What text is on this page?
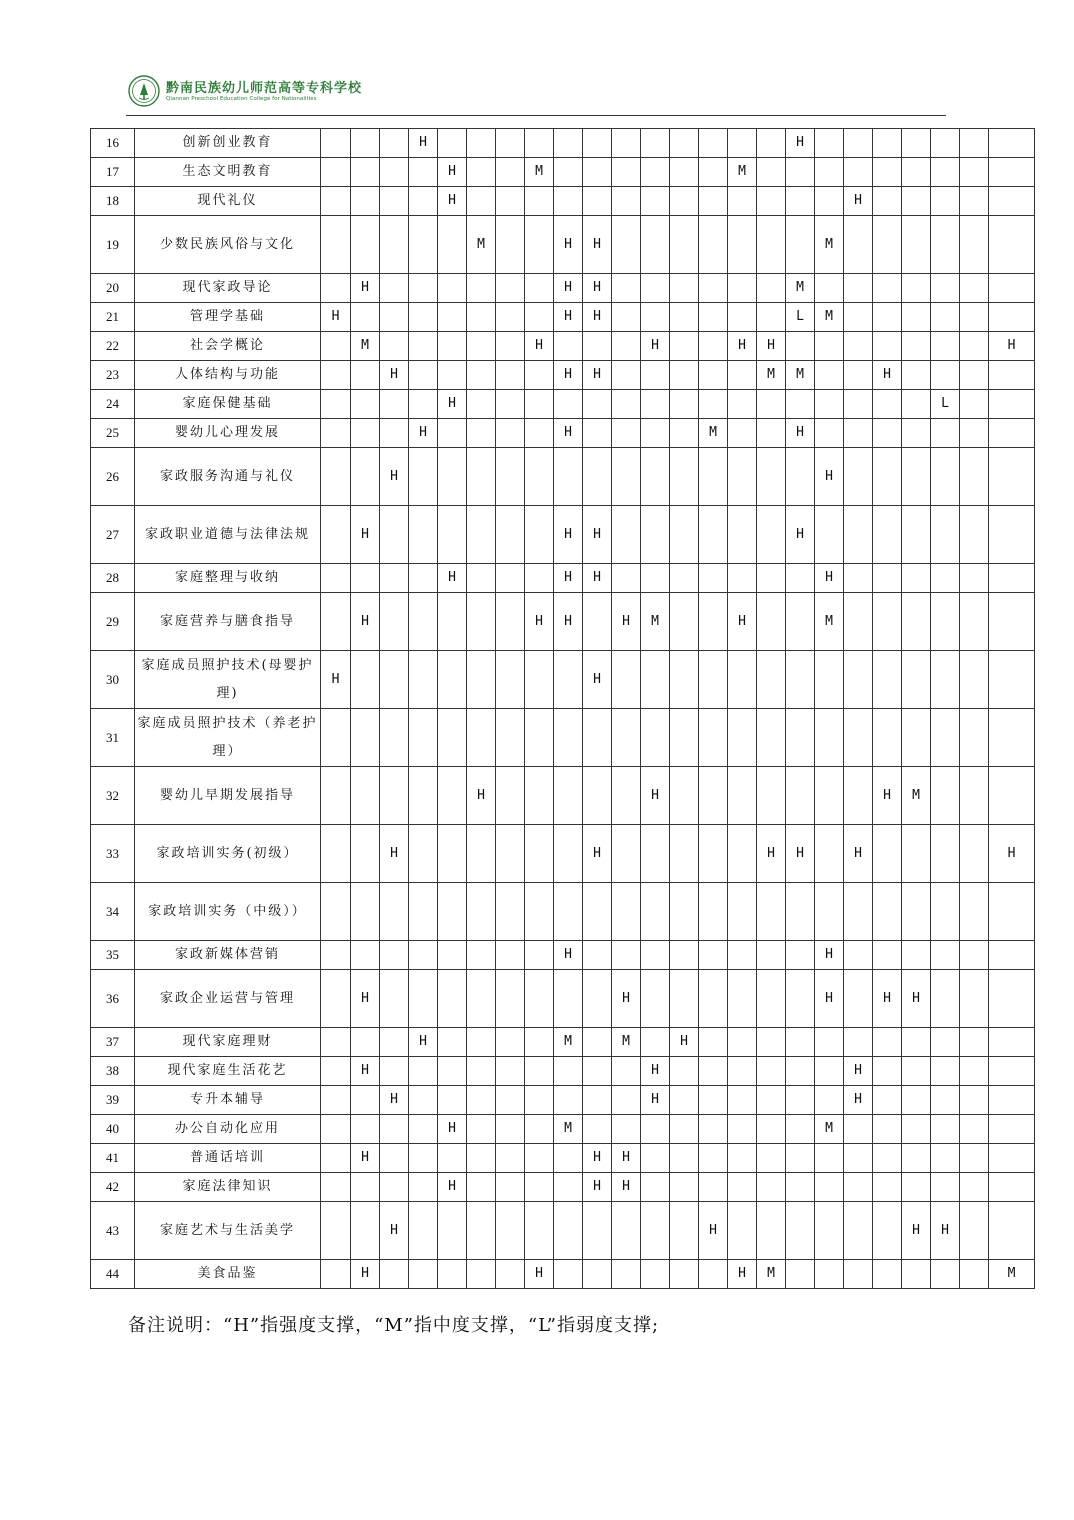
黔南民族幼儿师范高等专科学校
Qiannan Preschool Education College for Nationalities
16	创新创业教育				H													H							
17	生态文明教育					H			M							M									
18	现代礼仪					H														H					
19	少数民族风俗与文化						M			H	H								M						
20	现代家政导论		H							H	H							M							
21	管理学基础	H								H	H							L	M						
22	社会学概论		M						H				H			H	H								H
23	人体结构与功能			H						H	H						M	M			H				
24	家庭保健基础					H																	L		
25	婴幼儿心理发展				H					H					M			H							
26	家政服务沟通与礼仪			H															H						
27	家政职业道德与法律法规		H							H	H							H							
28	家庭整理与收纳					H				H	H								H						
29	家庭营养与膳食指导		H						H	H		H	M			H			M						
30	家庭成员照护技术(母婴护理)	H									H														
31	家庭成员照护技术（养老护理）																								
32	婴幼儿早期发展指导						H						H								H	M			
33	家政培训实务(初级）			H							H						H	H		H					H
34	家政培训实务（中级））																								
35	家政新媒体营销									H									H						
36	家政企业运营与管理		H									H							H		H	H			
37	现代家庭理财				H					M		M		H											
38	现代家庭生活花艺		H										H							H					
39	专升本辅导			H									H							H					
40	办公自动化应用					H				M									M						
41	普通话培训		H								H	H													
42	家庭法律知识					H					H	H													
43	家庭艺术与生活美学			H											H							H	H		
44	美食品鉴		H						H							H	M								M
备注说明：“H”指强度支撑，“M”指中度支撑，“L”指弱度支撑;
